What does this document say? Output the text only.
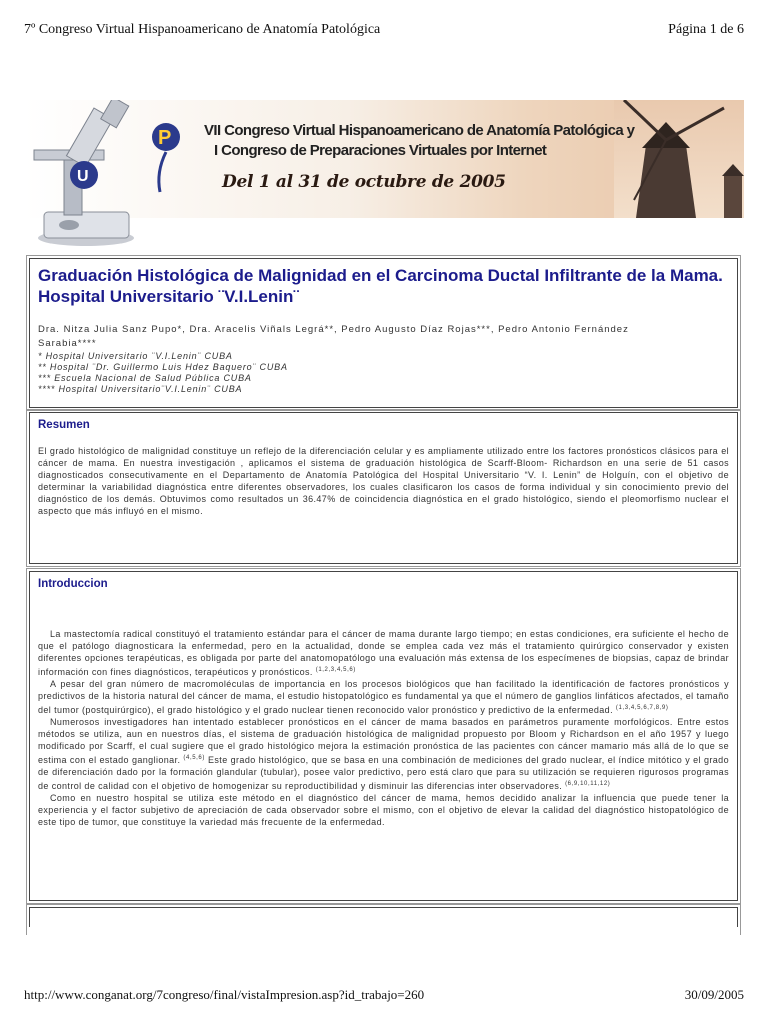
7º Congreso Virtual Hispanoamericano de Anatomía Patológica	Página 1 de 6
U
P VII Congreso Virtual Hispanoamericano de Anatomía Patológica y
I Congreso de Preparaciones Virtuales por Internet
Del 1 al 31 de octubre de 2005
Graduación Histológica de Malignidad en el Carcinoma Ductal Infiltrante de la Mama. Hospital Universitario ¨V.I.Lenin¨
Dra. Nitza Julia Sanz Pupo*, Dra. Aracelis Viñals Legrá**, Pedro Augusto Díaz Rojas***, Pedro Antonio Fernández
Sarabia****
* Hospital Universitario ¨V.I.Lenin¨ CUBA
** Hospital ¨Dr. Guillermo Luis Hdez Baquero¨ CUBA
*** Escuela Nacional de Salud Pública CUBA
**** Hospital Universitario¨V.I.Lenin¨ CUBA
Resumen

El grado histológico de malignidad constituye un reflejo de la diferenciación celular y es ampliamente utilizado entre los factores pronósticos clásicos para el cáncer de mama. En nuestra investigación , aplicamos el sistema de graduación histológica de Scarff-Bloom- Richardson en una serie de 51 casos diagnosticados consecutivamente en el Departamento de Anatomía Patológica del Hospital Universitario “V. I. Lenin” de Holguín, con el objetivo de determinar la variabilidad diagnóstica entre diferentes observadores, los cuales clasificaron los casos de forma individual y sin conocimiento previo del diagnóstico de los demás. Obtuvimos como resultados un 36.47% de coincidencia diagnóstica en el grado histológico, siendo el pleomorfismo nuclear el aspecto que más influyó en el mismo.

Introduccion

La mastectomía radical constituyó el tratamiento estándar para el cáncer de mama durante largo tiempo; en estas condiciones, era suficiente el hecho de que el patólogo diagnosticara la enfermedad, pero en la actualidad, donde se emplea cada vez más el tratamiento quirúrgico conservador y existen diferentes opciones terapéuticas, es obligada por parte del anatomopatólogo una evaluación más extensa de los especímenes de biopsias, capaz de brindar información con fines diagnósticos, terapéuticos y pronósticos. $^{(1,2,3,4,5,6)}$

A pesar del gran número de macromoléculas de importancia en los procesos biológicos que han facilitado la identificación de factores pronósticos y predictivos de la historia natural del cáncer de mama, el estudio histopatológico es fundamental ya que el número de ganglios linfáticos afectados, el tamaño del tumor (postquirúrgico), el grado histológico y el grado nuclear tienen reconocido valor pronóstico y predictivo de la enfermedad. $^{(1,3,4,5,6,7,8,9)}$

Numerosos investigadores han intentado establecer pronósticos en el cáncer de mama basados en parámetros puramente morfológicos. Entre estos métodos se utiliza, aun en nuestros días, el sistema de graduación histológica de malignidad propuesto por Bloom y Richardson en el año 1957 y luego modificado por Scarff, el cual sugiere que el grado histológico mejora la estimación pronóstica de las pacientes con cáncer mamario más allá de lo que se estima con el estado ganglionar. $^{(4,5,6)}$ Este grado histológico, que se basa en una combinación de mediciones del grado nuclear, el índice mitótico y el grado de diferenciación dado por la formación glandular (tubular), posee valor predictivo, pero está claro que para su utilización se requieren rigurosos programas de control de calidad con el objetivo de homogenizar su reproductibilidad y disminuir las diferencias inter observadores. $^{(6,9,10,11,12)}$

Como en nuestro hospital se utiliza este método en el diagnóstico del cáncer de mama, hemos decidido analizar la influencia que puede tener la experiencia y el factor subjetivo de apreciación de cada observador sobre el mismo, con el objetivo de elevar la calidad del diagnóstico histopatológico de este tipo de tumor, que constituye la variedad más frecuente de la enfermedad.

http://www.conganat.org/7congreso/final/vistaImpresion.asp?id_trabajo=260	30/09/2005
